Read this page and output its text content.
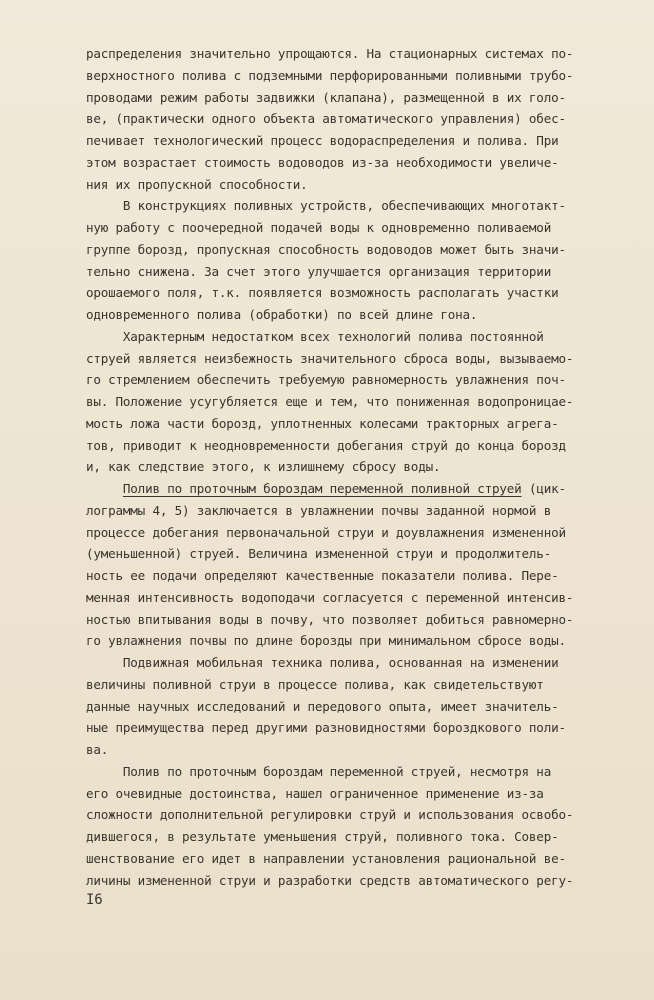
распределения значительно упрощаются. На стационарных системах по-
верхностного полива с подземными перфорированными поливными трубо-
проводами режим работы задвижки (клапана), размещенной в их голо-
ве, (практически одного объекта автоматического управления) обес-
печивает технологический процесс водораспределения и полива. При
этом возрастает стоимость водоводов из-за необходимости увеличе-
ния их пропускной способности.
В конструкциях поливных устройств, обеспечивающих многотакт-
ную работу с поочередной подачей воды к одновременно поливаемой
группе борозд, пропускная способность водоводов может быть значи-
тельно снижена. За счет этого улучшается организация территории
орошаемого поля, т.к. появляется возможность располагать участки
одновременного полива (обработки) по всей длине гона.
Характерным недостатком всех технологий полива постоянной
струей является неизбежность значительного сброса воды, вызываемо-
го стремлением обеспечить требуемую равномерность увлажнения поч-
вы. Положение усугубляется еще и тем, что пониженная водопроницае-
мость ложа части борозд, уплотненных колесами тракторных агрега-
тов, приводит к неодновременности добегания струй до конца борозд
и, как следствие этого, к излишнему сбросу воды.
Полив по проточным бороздам переменной поливной струей (цик-
лограммы 4, 5) заключается в увлажнении почвы заданной нормой в
процессе добегания первоначальной струи и доувлажнения измененной
(уменьшенной) струей. Величина измененной струи и продолжитель-
ность ее подачи определяют качественные показатели полива. Пере-
менная интенсивность водоподачи согласуется с переменной интенсив-
ностью впитывания воды в почву, что позволяет добиться равномерно-
го увлажнения почвы по длине борозды при минимальном сбросе воды.
Подвижная мобильная техника полива, основанная на изменении
величины поливной струи в процессе полива, как свидетельствуют
данные научных исследований и передового опыта, имеет значитель-
ные преимущества перед другими разновидностями бороздкового поли-
ва.
Полив по проточным бороздам переменной струей, несмотря на
его очевидные достоинства, нашел ограниченное применение из-за
сложности дополнительной регулировки струй и использования освобо-
дившегося, в результате уменьшения струй, поливного тока. Совер-
шенствование его идет в направлении установления рациональной ве-
личины измененной струи и разработки средств автоматического регу-
I6
